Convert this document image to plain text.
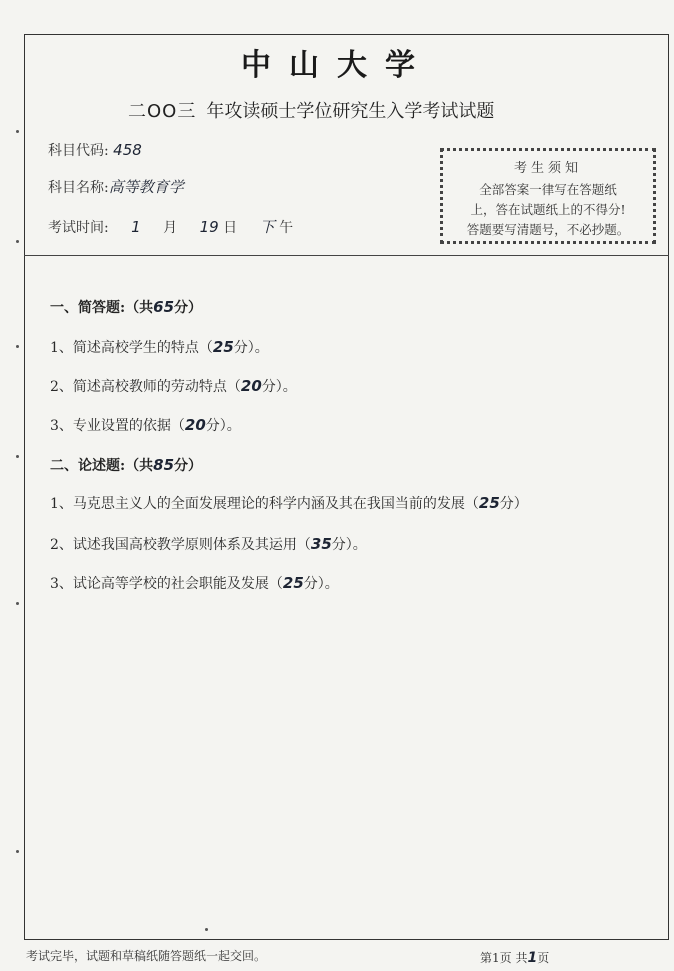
中山大学
二OO三 年攻读硕士学位研究生入学考试试题
科目代码: 458
科目名称:高等教育学
考试时间: 1 月 19 日 下 午
考生须知
全部答案一律写在答题纸
上，答在试题纸上的不得分!
答题要写清题号，不必抄题。
一、简答题:（共65分）
1、简述高校学生的特点（25分）。
2、简述高校教师的劳动特点（20分）。
3、专业设置的依据（20分）。
二、论述题:（共85分）
1、马克思主义人的全面发展理论的科学内涵及其在我国当前的发展（25分）
2、试述我国高校教学原则体系及其运用（35分）。
3、试论高等学校的社会职能及发展（25分）。
考试完毕，试题和草稿纸随答题纸一起交回。	第1页 共1页
